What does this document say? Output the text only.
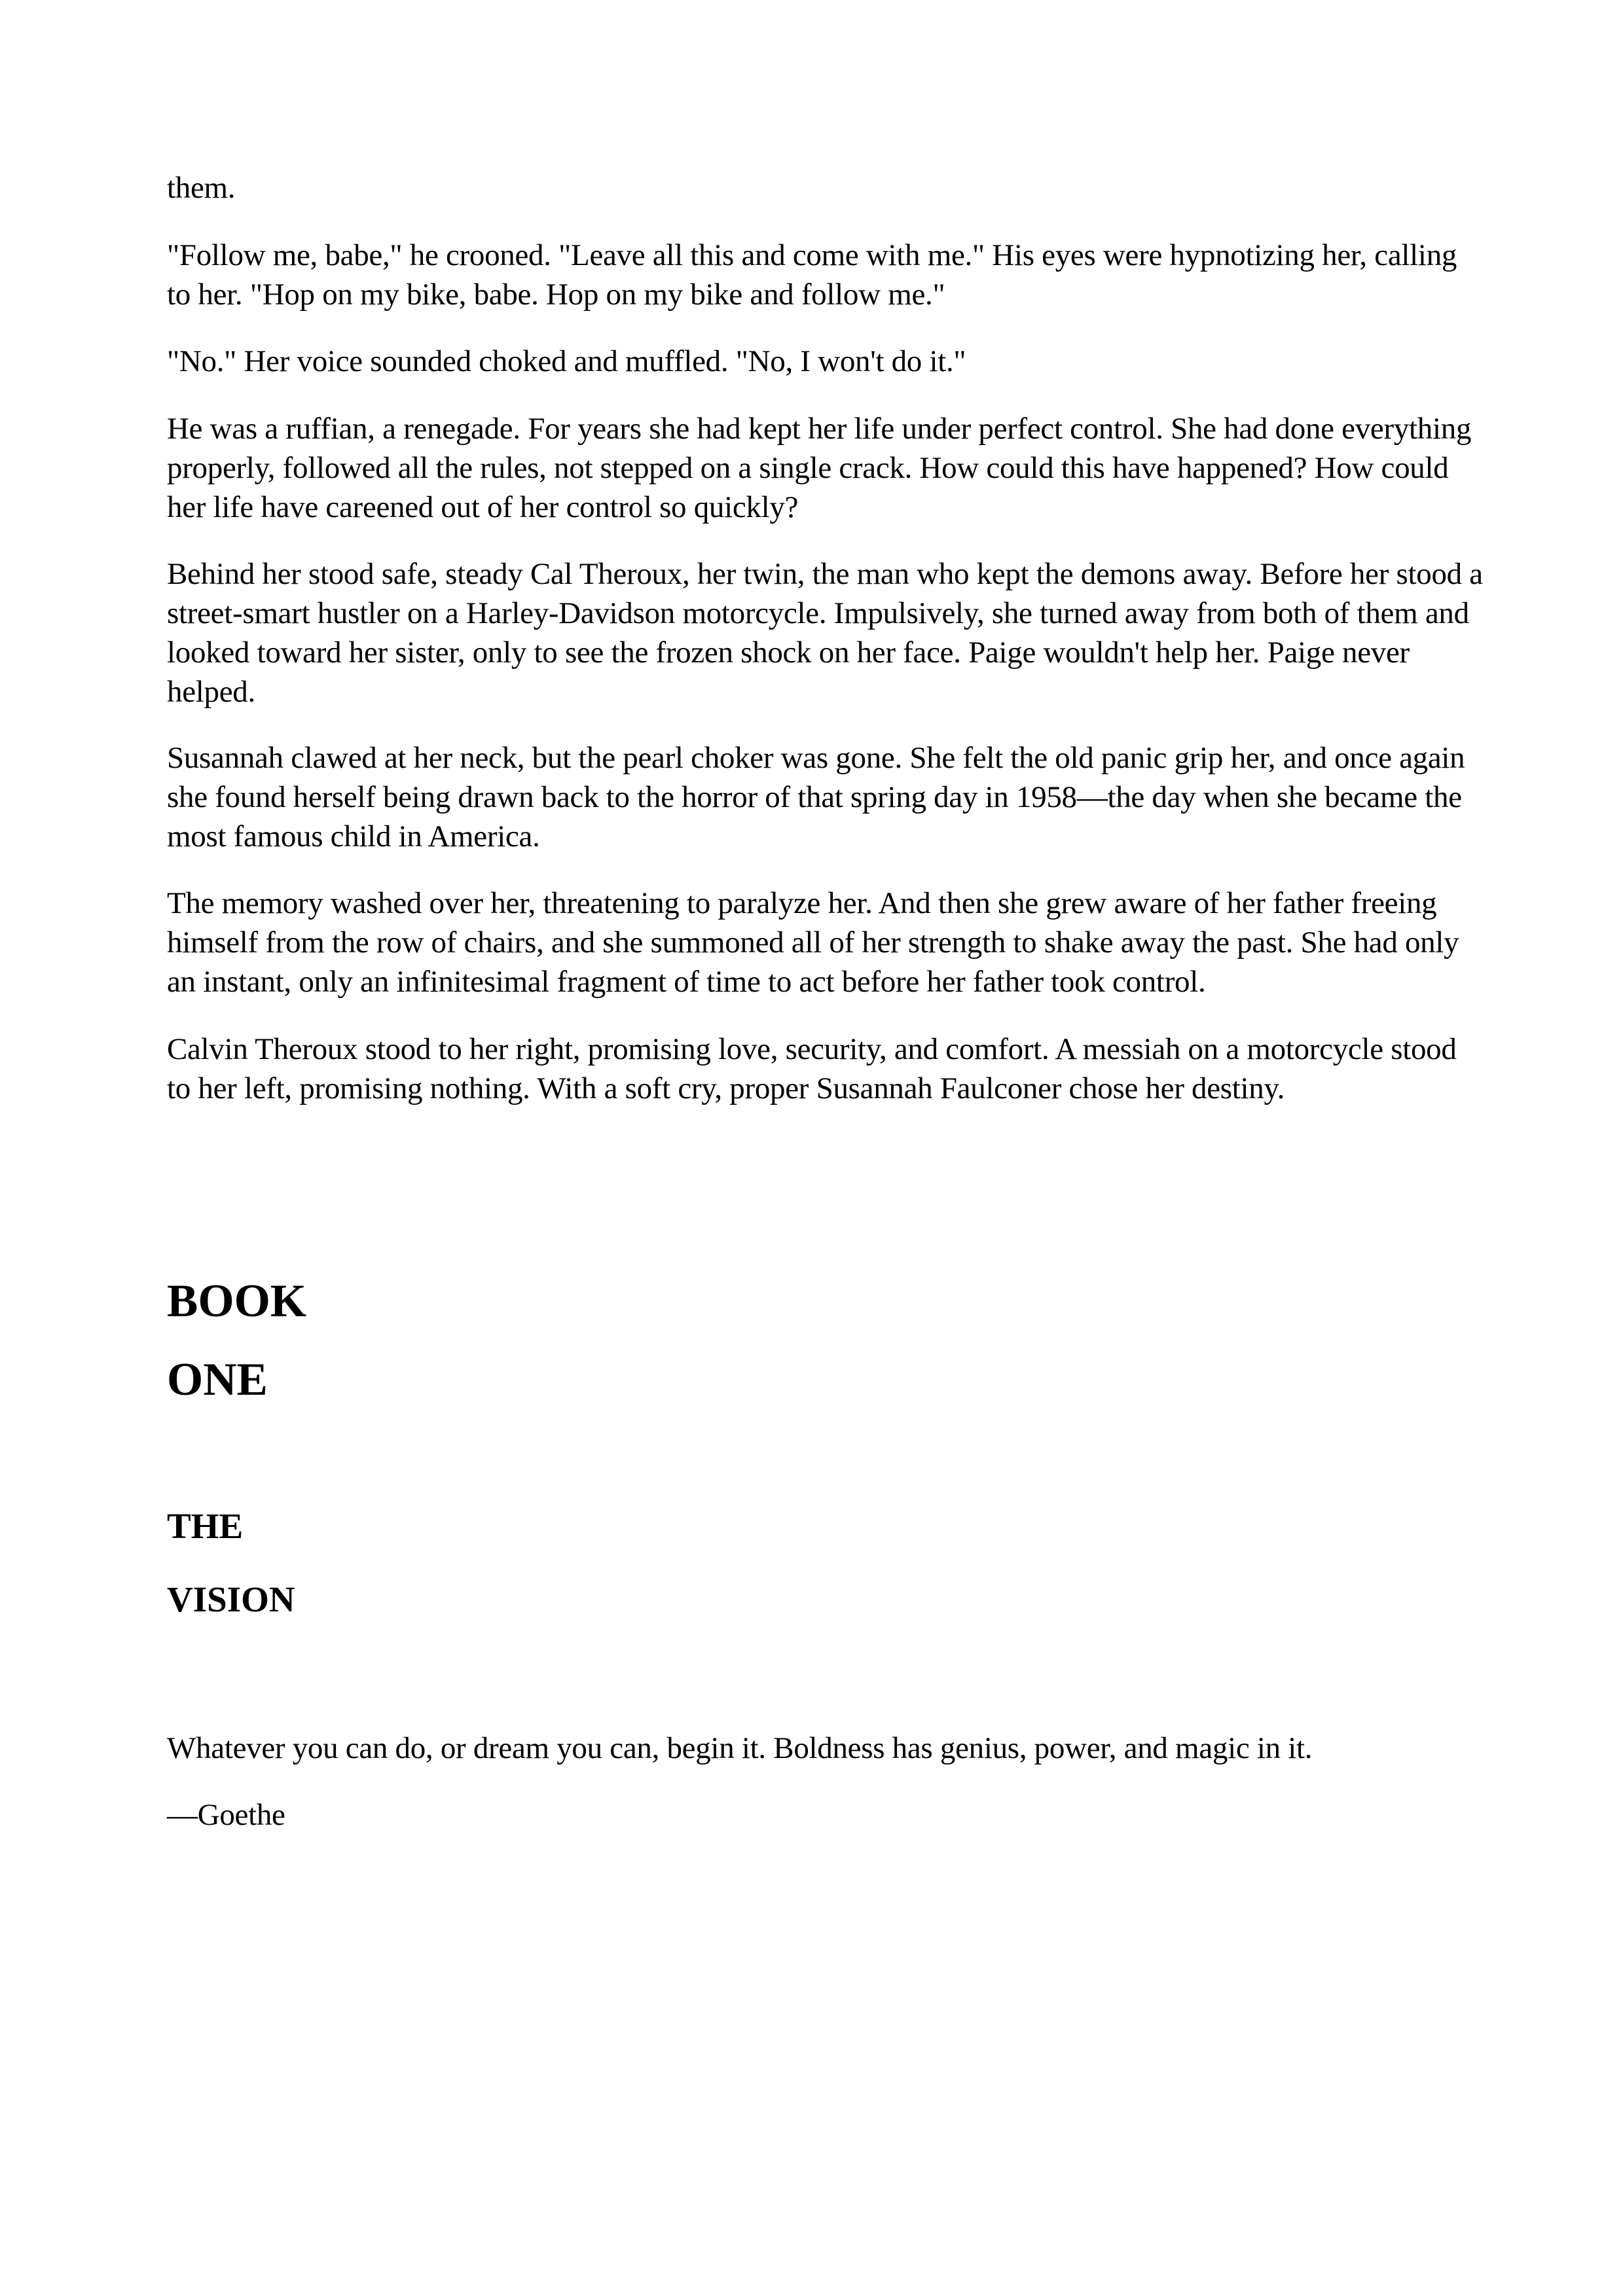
them.

"Follow me, babe," he crooned. "Leave all this and come with me." His eyes were hypnotizing her, calling to her. "Hop on my bike, babe. Hop on my bike and follow me."

"No." Her voice sounded choked and muffled. "No, I won't do it."

He was a ruffian, a renegade. For years she had kept her life under perfect control. She had done everything properly, followed all the rules, not stepped on a single crack. How could this have happened? How could her life have careened out of her control so quickly?

Behind her stood safe, steady Cal Theroux, her twin, the man who kept the demons away. Before her stood a street-smart hustler on a Harley-Davidson motorcycle. Impulsively, she turned away from both of them and looked toward her sister, only to see the frozen shock on her face. Paige wouldn't help her. Paige never helped.

Susannah clawed at her neck, but the pearl choker was gone. She felt the old panic grip her, and once again she found herself being drawn back to the horror of that spring day in 1958—the day when she became the most famous child in America.

The memory washed over her, threatening to paralyze her. And then she grew aware of her father freeing himself from the row of chairs, and she summoned all of her strength to shake away the past. She had only an instant, only an infinitesimal fragment of time to act before her father took control.

Calvin Theroux stood to her right, promising love, security, and comfort. A messiah on a motorcycle stood to her left, promising nothing. With a soft cry, proper Susannah Faulconer chose her destiny.

BOOK
ONE
THE
VISION

Whatever you can do, or dream you can, begin it. Boldness has genius, power, and magic in it.

—Goethe
